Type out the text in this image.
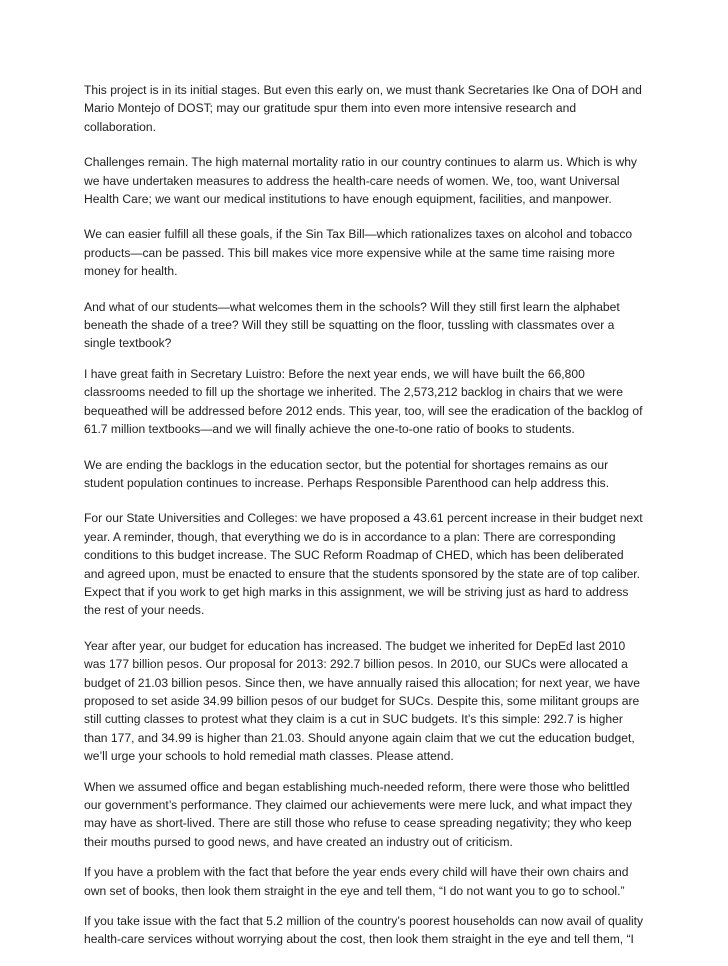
This project is in its initial stages. But even this early on, we must thank Secretaries Ike Ona of DOH and Mario Montejo of DOST; may our gratitude spur them into even more intensive research and collaboration.

Challenges remain. The high maternal mortality ratio in our country continues to alarm us. Which is why we have undertaken measures to address the health-care needs of women. We, too, want Universal Health Care; we want our medical institutions to have enough equipment, facilities, and manpower.

We can easier fulfill all these goals, if the Sin Tax Bill—which rationalizes taxes on alcohol and tobacco products—can be passed. This bill makes vice more expensive while at the same time raising more money for health.

And what of our students—what welcomes them in the schools? Will they still first learn the alphabet beneath the shade of a tree? Will they still be squatting on the floor, tussling with classmates over a single textbook?

I have great faith in Secretary Luistro: Before the next year ends, we will have built the 66,800 classrooms needed to fill up the shortage we inherited. The 2,573,212 backlog in chairs that we were bequeathed will be addressed before 2012 ends. This year, too, will see the eradication of the backlog of 61.7 million textbooks—and we will finally achieve the one-to-one ratio of books to students.

We are ending the backlogs in the education sector, but the potential for shortages remains as our student population continues to increase. Perhaps Responsible Parenthood can help address this.

For our State Universities and Colleges: we have proposed a 43.61 percent increase in their budget next year. A reminder, though, that everything we do is in accordance to a plan: There are corresponding conditions to this budget increase. The SUC Reform Roadmap of CHED, which has been deliberated and agreed upon, must be enacted to ensure that the students sponsored by the state are of top caliber. Expect that if you work to get high marks in this assignment, we will be striving just as hard to address the rest of your needs.

Year after year, our budget for education has increased. The budget we inherited for DepEd last 2010 was 177 billion pesos. Our proposal for 2013: 292.7 billion pesos. In 2010, our SUCs were allocated a budget of 21.03 billion pesos. Since then, we have annually raised this allocation; for next year, we have proposed to set aside 34.99 billion pesos of our budget for SUCs. Despite this, some militant groups are still cutting classes to protest what they claim is a cut in SUC budgets. It’s this simple: 292.7 is higher than 177, and 34.99 is higher than 21.03. Should anyone again claim that we cut the education budget, we’ll urge your schools to hold remedial math classes. Please attend.

When we assumed office and began establishing much-needed reform, there were those who belittled our government’s performance. They claimed our achievements were mere luck, and what impact they may have as short-lived. There are still those who refuse to cease spreading negativity; they who keep their mouths pursed to good news, and have created an industry out of criticism.

If you have a problem with the fact that before the year ends every child will have their own chairs and own set of books, then look them straight in the eye and tell them, “I do not want you to go to school.”

If you take issue with the fact that 5.2 million of the country’s poorest households can now avail of quality health-care services without worrying about the cost, then look them straight in the eye and tell them, “I
